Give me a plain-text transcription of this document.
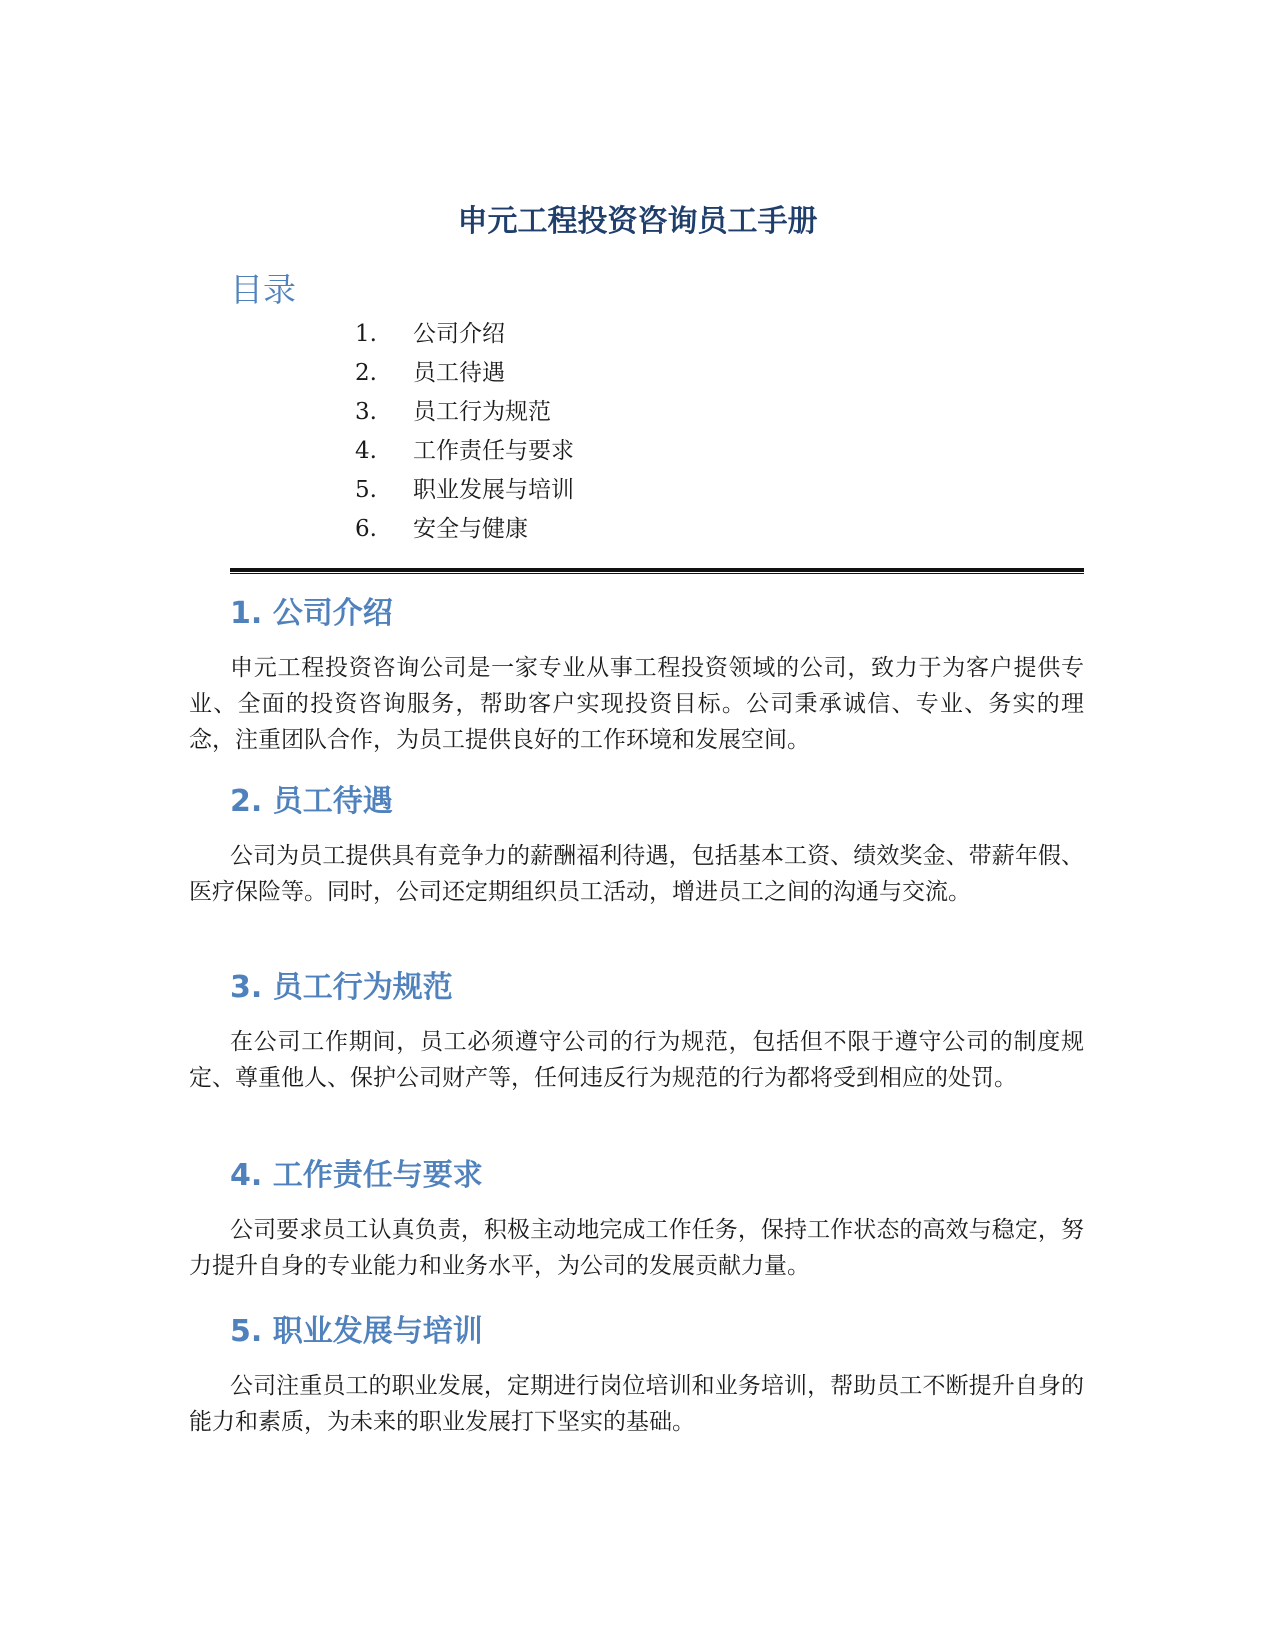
申元工程投资咨询员工手册
目录
1. 公司介绍
2. 员工待遇
3. 员工行为规范
4. 工作责任与要求
5. 职业发展与培训
6. 安全与健康
1. 公司介绍

申元工程投资咨询公司是一家专业从事工程投资领域的公司，致力于为客户提供专业、全面的投资咨询服务，帮助客户实现投资目标。公司秉承诚信、专业、务实的理念，注重团队合作，为员工提供良好的工作环境和发展空间。

2. 员工待遇

公司为员工提供具有竞争力的薪酬福利待遇，包括基本工资、绩效奖金、带薪年假、医疗保险等。同时，公司还定期组织员工活动，增进员工之间的沟通与交流。

3. 员工行为规范

在公司工作期间，员工必须遵守公司的行为规范，包括但不限于遵守公司的制度规定、尊重他人、保护公司财产等，任何违反行为规范的行为都将受到相应的处罚。

4. 工作责任与要求

公司要求员工认真负责，积极主动地完成工作任务，保持工作状态的高效与稳定，努力提升自身的专业能力和业务水平，为公司的发展贡献力量。

5. 职业发展与培训

公司注重员工的职业发展，定期进行岗位培训和业务培训，帮助员工不断提升自身的能力和素质，为未来的职业发展打下坚实的基础。
